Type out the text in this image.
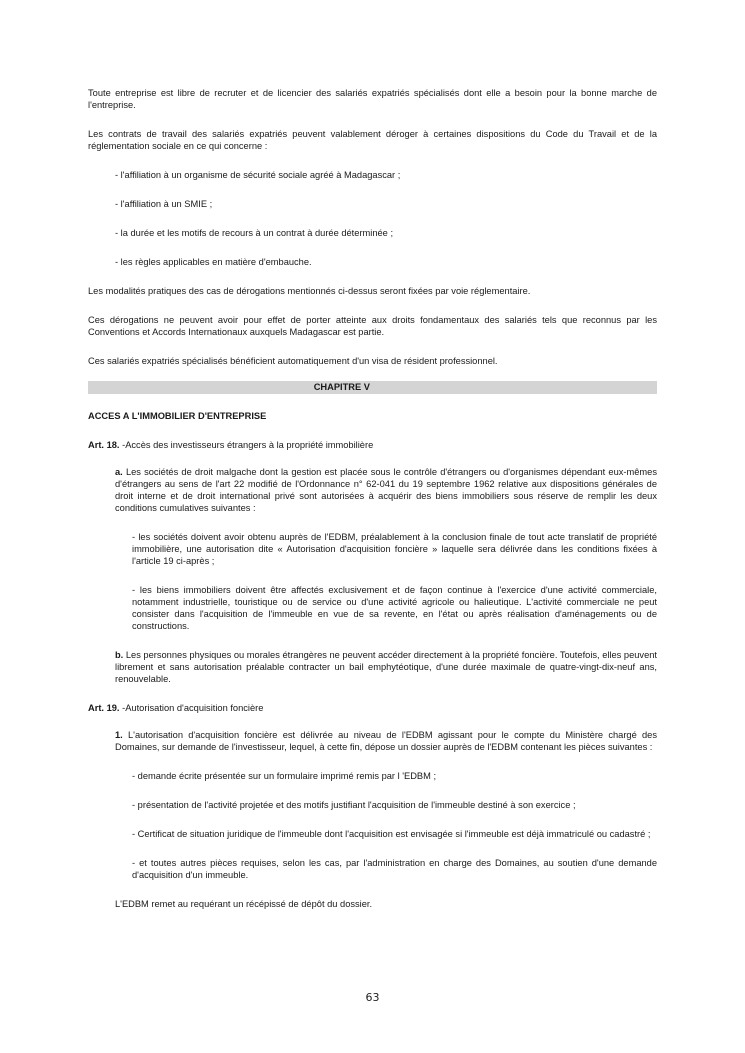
Toute entreprise est libre de recruter et de licencier des salariés expatriés spécialisés dont elle a besoin pour la bonne marche de l'entreprise.

Les contrats de travail des salariés expatriés peuvent valablement déroger à certaines dispositions du Code du Travail et de la réglementation sociale en ce qui concerne :

- l'affiliation à un organisme de sécurité sociale agréé à Madagascar ;

- l'affiliation à un SMIE ;

- la durée et les motifs de recours à un contrat à durée déterminée ;

- les règles applicables en matière d'embauche.

Les modalités pratiques des cas de dérogations mentionnés ci-dessus seront fixées par voie réglementaire.

Ces dérogations ne peuvent avoir pour effet de porter atteinte aux droits fondamentaux des salariés tels que reconnus par les Conventions et Accords Internationaux auxquels Madagascar est partie.

Ces salariés expatriés spécialisés bénéficient automatiquement d'un visa de résident professionnel.

CHAPITRE V

ACCES A L'IMMOBILIER D'ENTREPRISE

Art. 18. -Accès des investisseurs étrangers à la propriété immobilière

a. Les sociétés de droit malgache dont la gestion est placée sous le contrôle d'étrangers ou d'organismes dépendant eux-mêmes d'étrangers au sens de l'art 22 modifié de l'Ordonnance n° 62-041 du 19 septembre 1962 relative aux dispositions générales de droit interne et de droit international privé sont autorisées à acquérir des biens immobiliers sous réserve de remplir les deux conditions cumulatives suivantes :

- les sociétés doivent avoir obtenu auprès de l'EDBM, préalablement à la conclusion finale de tout acte translatif de propriété immobilière, une autorisation dite « Autorisation d'acquisition foncière » laquelle sera délivrée dans les conditions fixées à l'article 19 ci-après ;

- les biens immobiliers doivent être affectés exclusivement et de façon continue à l'exercice d'une activité commerciale, notamment industrielle, touristique ou de service ou d'une activité agricole ou halieutique. L'activité commerciale ne peut consister dans l'acquisition de l'immeuble en vue de sa revente, en l'état ou après réalisation d'aménagements ou de constructions.

b. Les personnes physiques ou morales étrangères ne peuvent accéder directement à la propriété foncière. Toutefois, elles peuvent librement et sans autorisation préalable contracter un bail emphytéotique, d'une durée maximale de quatre-vingt-dix-neuf ans, renouvelable.

Art. 19. -Autorisation d'acquisition foncière

1. L'autorisation d'acquisition foncière est délivrée au niveau de l'EDBM agissant pour le compte du Ministère chargé des Domaines, sur demande de l'investisseur, lequel, à cette fin, dépose un dossier auprès de l'EDBM contenant les pièces suivantes :

- demande écrite présentée sur un formulaire imprimé remis par l 'EDBM ;

- présentation de l'activité projetée et des motifs justifiant l'acquisition de l'immeuble destiné à son exercice ;

- Certificat de situation juridique de l'immeuble dont l'acquisition est envisagée si l'immeuble est déjà immatriculé ou cadastré ;

- et toutes autres pièces requises, selon les cas, par l'administration en charge des Domaines, au soutien d'une demande d'acquisition d'un immeuble.

L'EDBM remet au requérant un récépissé de dépôt du dossier.

63
